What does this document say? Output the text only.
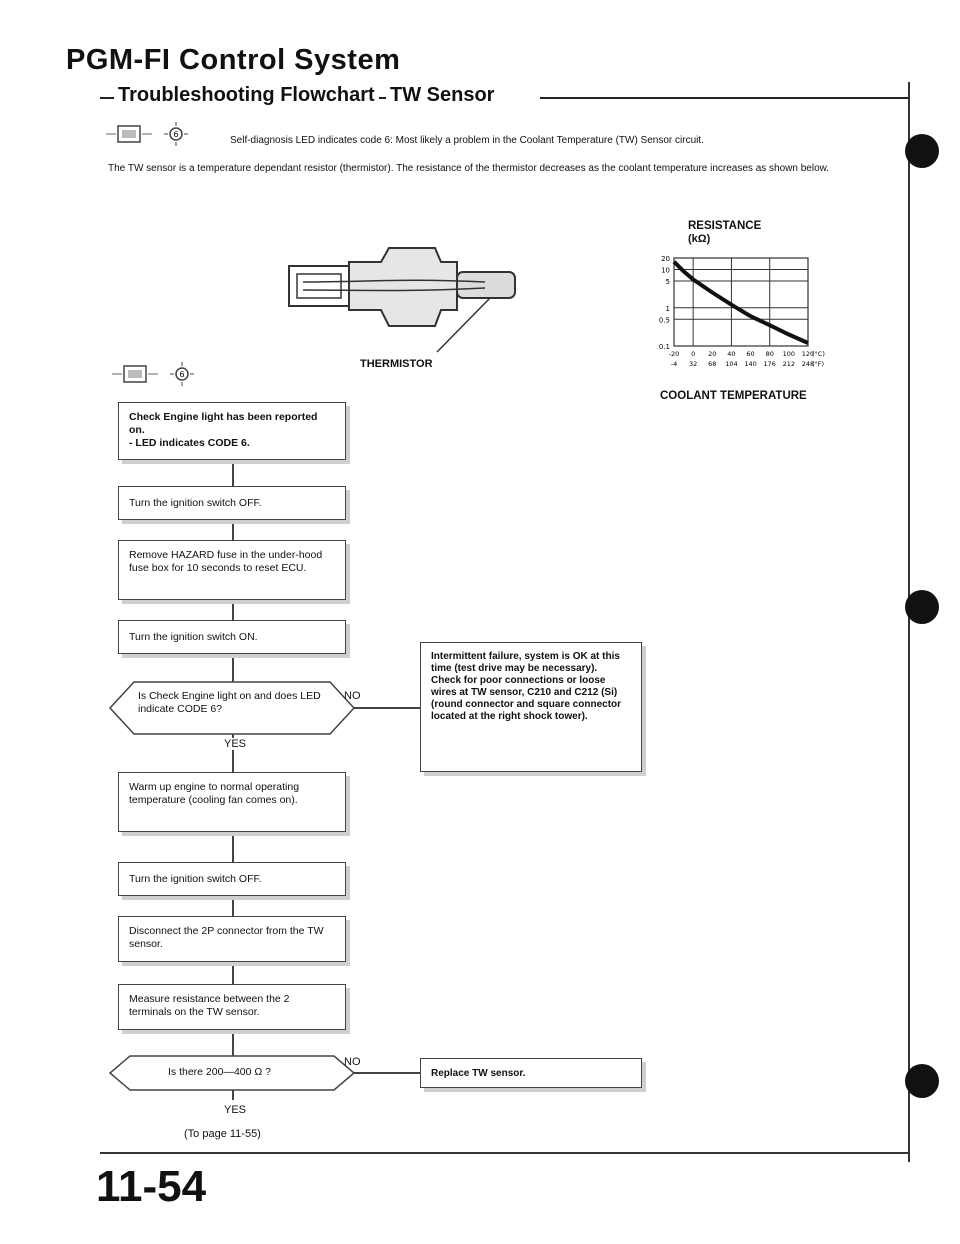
PGM-FI Control System
Troubleshooting Flowchart TW Sensor
6
Self-diagnosis LED indicates code 6: Most likely a problem in the Coolant Temperature (TW) Sensor circuit.
The TW sensor is a temperature dependant resistor (thermistor). The resistance of the thermistor decreases as the coolant temperature increases as shown below.
THERMISTOR
RESISTANCE
(kΩ)
20
10
5
1
0.5
0.1
-20 0 20 40 60 80 100 120
(°C)
-4 32 68 104 140 176 212 248
(°F)
COOLANT TEMPERATURE
6
Check Engine light has been reported on.
- LED indicates CODE 6.
Turn the ignition switch OFF.
Remove HAZARD fuse in the under-hood fuse box for 10 seconds to reset ECU.
Turn the ignition switch ON.
Is Check Engine light on and does LED indicate CODE 6?
NO
YES
Intermittent failure, system is OK at this time (test drive may be necessary).
Check for poor connections or loose wires at TW sensor, C210 and C212 (Si) (round connector and square connector located at the right shock tower).
Warm up engine to normal operating temperature (cooling fan comes on).
Turn the ignition switch OFF.
Disconnect the 2P connector from the TW sensor.
Measure resistance between the 2 terminals on the TW sensor.
Is there 200—400 Ω ?
NO
Replace TW sensor.
YES
(To page 11-55)
11-54
